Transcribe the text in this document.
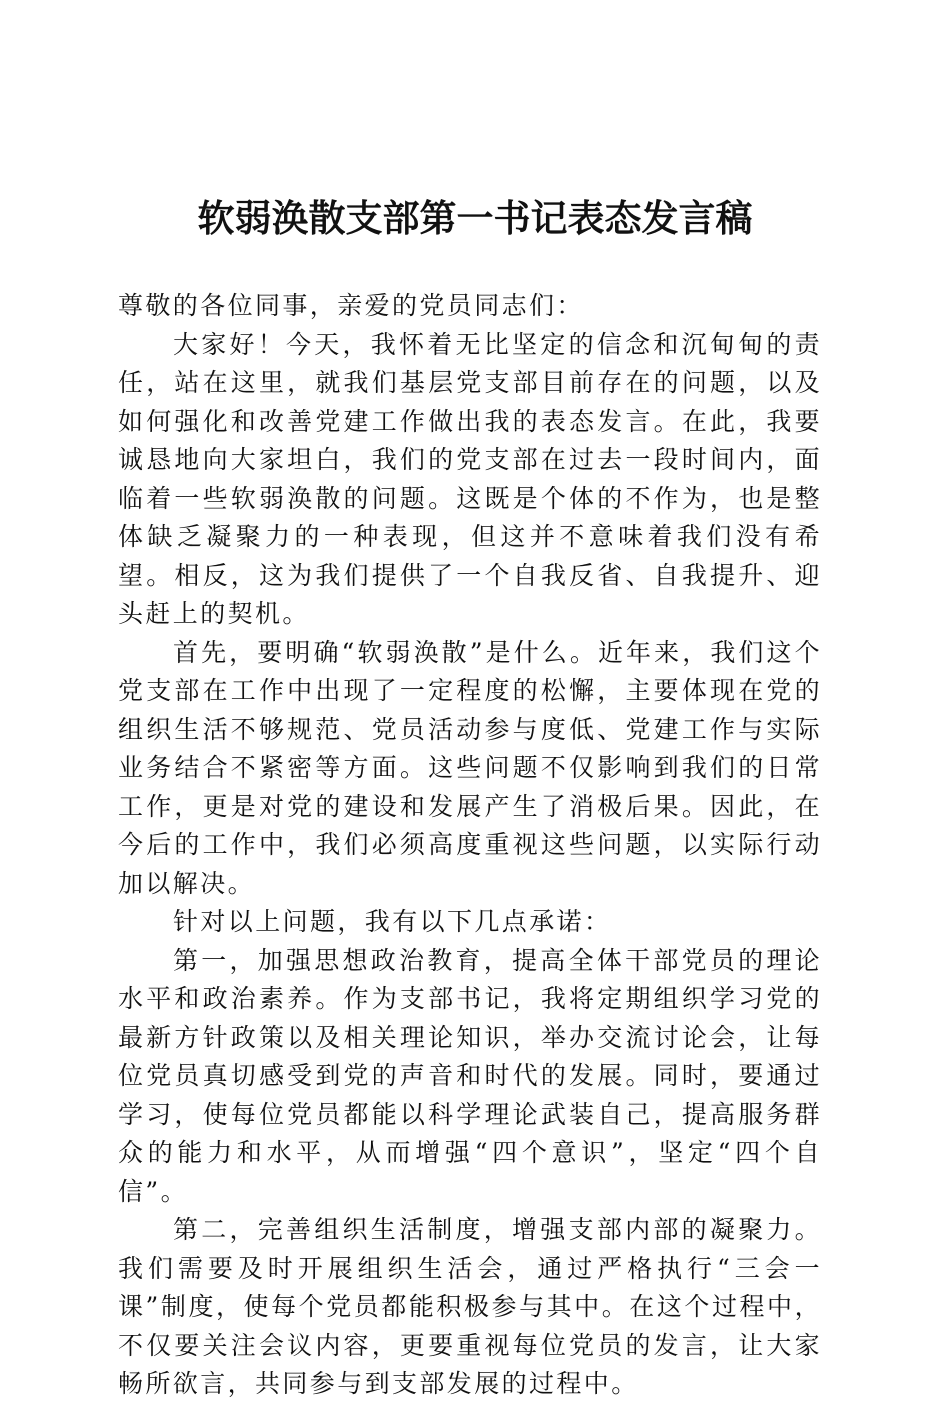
软弱涣散支部第一书记表态发言稿

尊敬的各位同事，亲爱的党员同志们：

大家好！今天，我怀着无比坚定的信念和沉甸甸的责任，站在这里，就我们基层党支部目前存在的问题，以及如何强化和改善党建工作做出我的表态发言。在此，我要诚恳地向大家坦白，我们的党支部在过去一段时间内，面临着一些软弱涣散的问题。这既是个体的不作为，也是整体缺乏凝聚力的一种表现，但这并不意味着我们没有希望。相反，这为我们提供了一个自我反省、自我提升、迎头赶上的契机。

首先，要明确“软弱涣散”是什么。近年来，我们这个党支部在工作中出现了一定程度的松懈，主要体现在党的组织生活不够规范、党员活动参与度低、党建工作与实际业务结合不紧密等方面。这些问题不仅影响到我们的日常工作，更是对党的建设和发展产生了消极后果。因此，在今后的工作中，我们必须高度重视这些问题，以实际行动加以解决。

针对以上问题，我有以下几点承诺：

第一，加强思想政治教育，提高全体干部党员的理论水平和政治素养。作为支部书记，我将定期组织学习党的最新方针政策以及相关理论知识，举办交流讨论会，让每位党员真切感受到党的声音和时代的发展。同时，要通过学习，使每位党员都能以科学理论武装自己，提高服务群众的能力和水平，从而增强“四个意识”，坚定“四个自信”。

第二，完善组织生活制度，增强支部内部的凝聚力。我们需要及时开展组织生活会，通过严格执行“三会一课”制度，使每个党员都能积极参与其中。在这个过程中，不仅要关注会议内容，更要重视每位党员的发言，让大家畅所欲言，共同参与到支部发展的过程中。
